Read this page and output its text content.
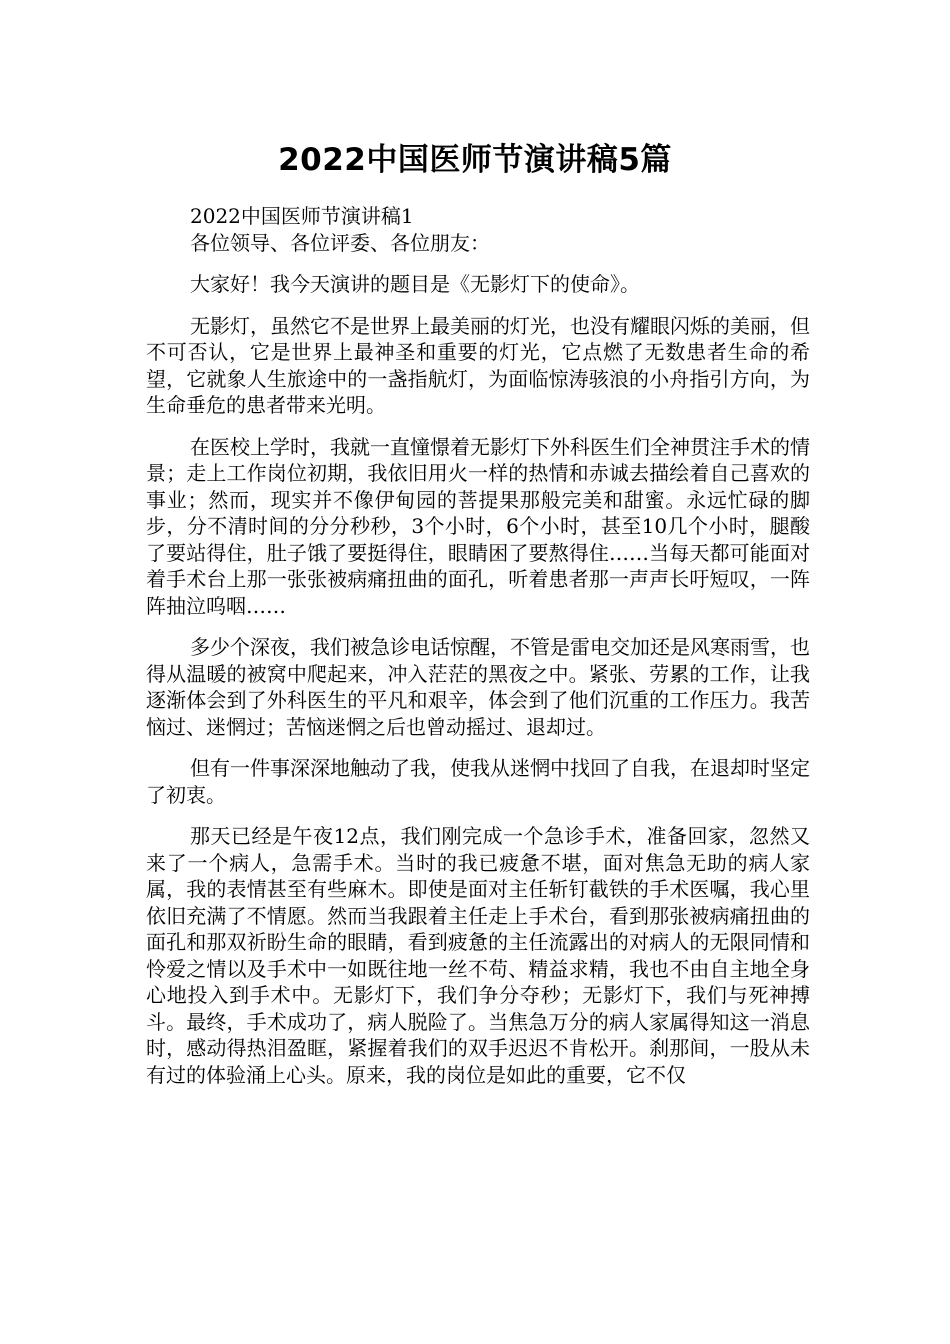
2022中国医师节演讲稿5篇

2022中国医师节演讲稿1

各位领导、各位评委、各位朋友：

大家好！我今天演讲的题目是《无影灯下的使命》。

无影灯，虽然它不是世界上最美丽的灯光，也没有耀眼闪烁的美丽，但不可否认，它是世界上最神圣和重要的灯光，它点燃了无数患者生命的希望，它就象人生旅途中的一盏指航灯，为面临惊涛骇浪的小舟指引方向，为生命垂危的患者带来光明。

在医校上学时，我就一直憧憬着无影灯下外科医生们全神贯注手术的情景；走上工作岗位初期，我依旧用火一样的热情和赤诚去描绘着自己喜欢的事业；然而，现实并不像伊甸园的菩提果那般完美和甜蜜。永远忙碌的脚步，分不清时间的分分秒秒，3个小时，6个小时，甚至10几个小时，腿酸了要站得住，肚子饿了要挺得住，眼睛困了要熬得住……当每天都可能面对着手术台上那一张张被病痛扭曲的面孔，听着患者那一声声长吁短叹，一阵阵抽泣呜咽……

多少个深夜，我们被急诊电话惊醒，不管是雷电交加还是风寒雨雪，也得从温暖的被窝中爬起来，冲入茫茫的黑夜之中。紧张、劳累的工作，让我逐渐体会到了外科医生的平凡和艰辛，体会到了他们沉重的工作压力。我苦恼过、迷惘过；苦恼迷惘之后也曾动摇过、退却过。

但有一件事深深地触动了我，使我从迷惘中找回了自我，在退却时坚定了初衷。

那天已经是午夜12点，我们刚完成一个急诊手术，准备回家，忽然又来了一个病人，急需手术。当时的我已疲惫不堪，面对焦急无助的病人家属，我的表情甚至有些麻木。即使是面对主任斩钉截铁的手术医嘱，我心里依旧充满了不情愿。然而当我跟着主任走上手术台，看到那张被病痛扭曲的面孔和那双祈盼生命的眼睛，看到疲惫的主任流露出的对病人的无限同情和怜爱之情以及手术中一如既往地一丝不苟、精益求精，我也不由自主地全身心地投入到手术中。无影灯下，我们争分夺秒；无影灯下，我们与死神搏斗。最终，手术成功了，病人脱险了。当焦急万分的病人家属得知这一消息时，感动得热泪盈眶，紧握着我们的双手迟迟不肯松开。刹那间，一股从未有过的体验涌上心头。原来，我的岗位是如此的重要，它不仅
